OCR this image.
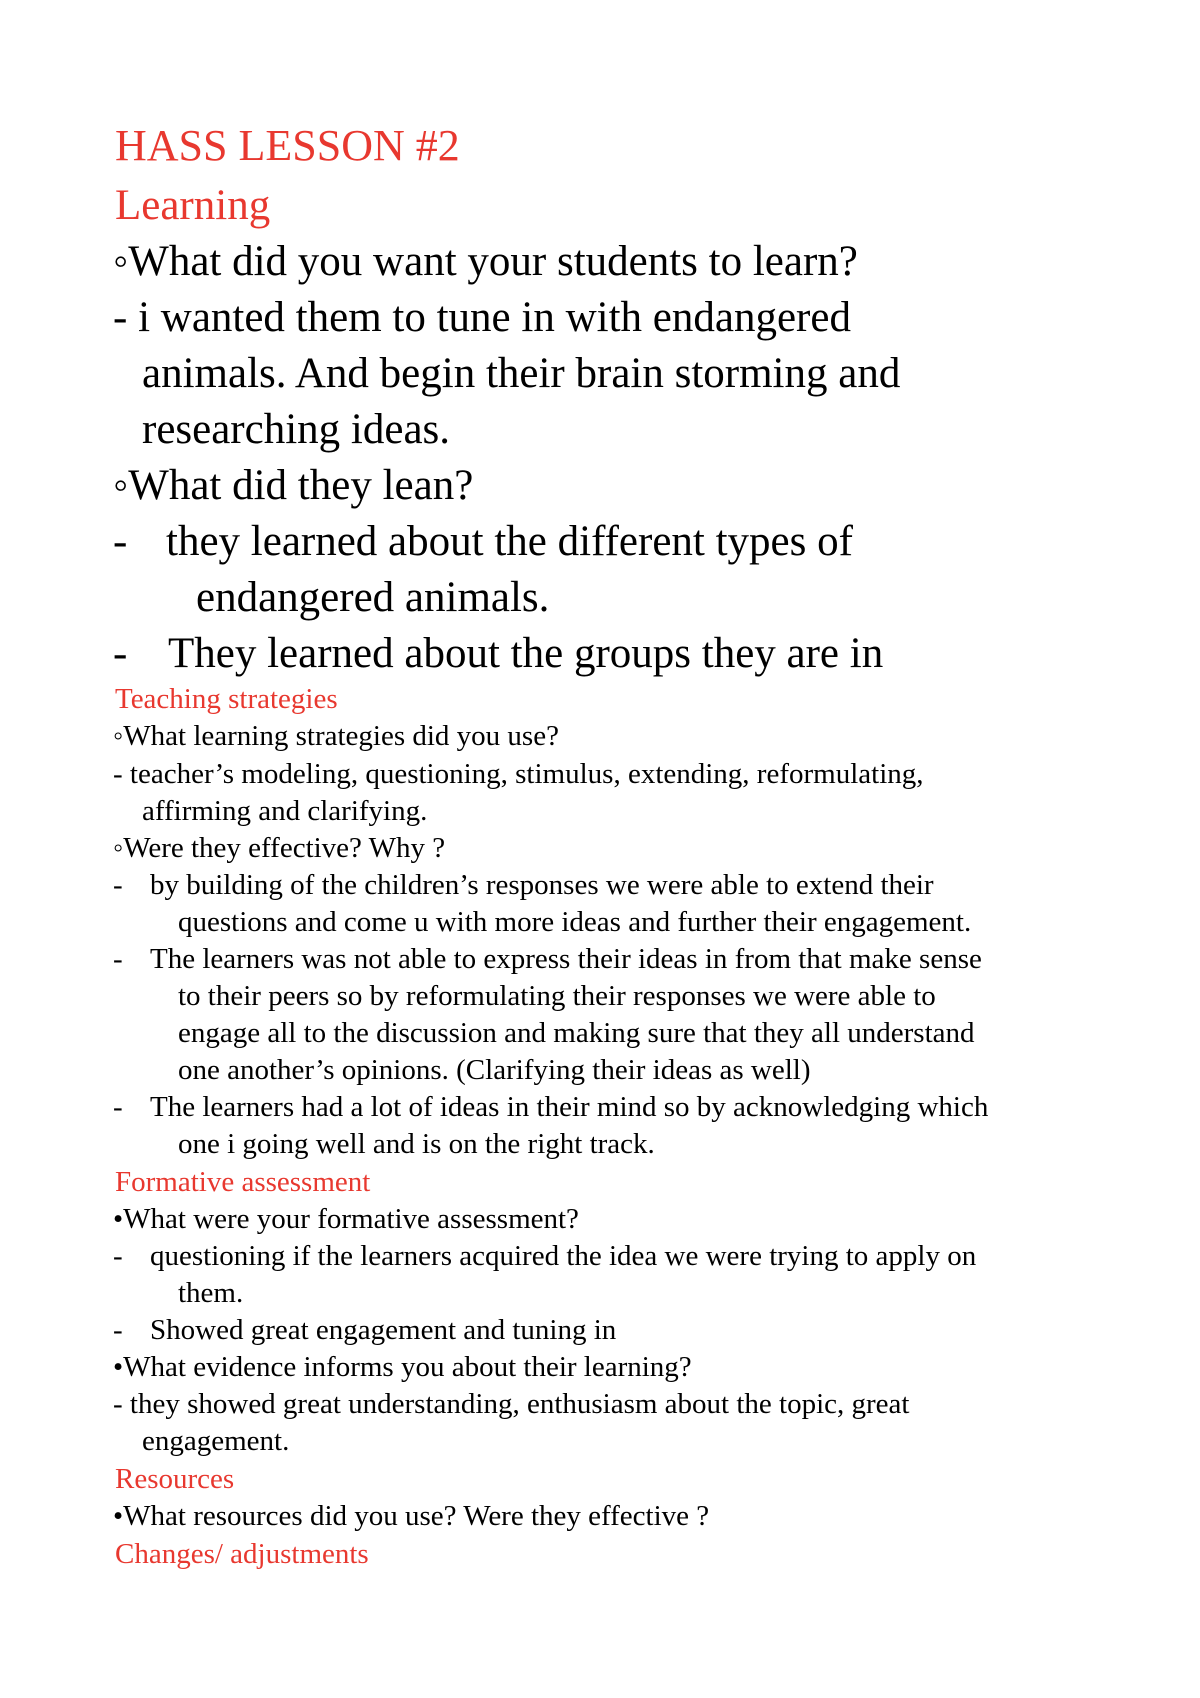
HASS LESSON #2
Learning
◦What did you want your students to learn?
- i wanted them to tune in with endangered
animals. And begin their brain storming and
researching ideas.
◦What did they lean?
- they learned about the different types of
endangered animals.
- They learned about the groups they are in
Teaching strategies
◦What learning strategies did you use?
- teacher’s modeling, questioning, stimulus, extending, reformulating,
affirming and clarifying.
◦Were they effective? Why ?
- by building of the children’s responses we were able to extend their
questions and come u with more ideas and further their engagement.
- The learners was not able to express their ideas in from that make sense
to their peers so by reformulating their responses we were able to
engage all to the discussion and making sure that they all understand
one another’s opinions. (Clarifying their ideas as well)
- The learners had a lot of ideas in their mind so by acknowledging which
one i going well and is on the right track.
Formative assessment
•What were your formative assessment?
- questioning if the learners acquired the idea we were trying to apply on
them.
- Showed great engagement and tuning in
•What evidence informs you about their learning?
- they showed great understanding, enthusiasm about the topic, great
engagement.
Resources
•What resources did you use? Were they effective ?
Changes/ adjustments
